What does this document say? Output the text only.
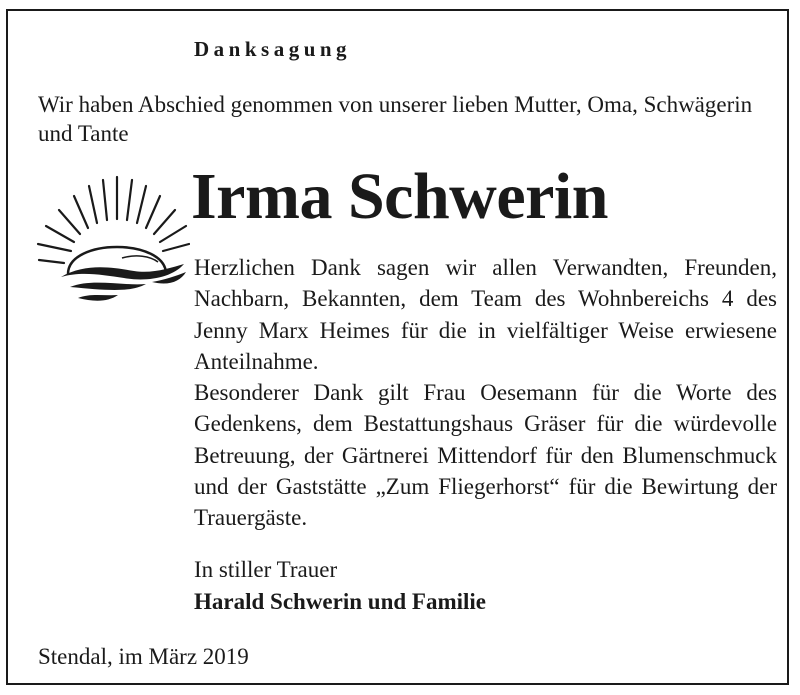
Danksagung
Wir haben Abschied genommen von unserer lieben Mutter, Oma, Schwägerin und Tante
Irma Schwerin

Herzlichen Dank sagen wir allen Verwandten, Freunden, Nachbarn, Bekannten, dem Team des Wohnbereichs 4 des Jenny Marx Heimes für die in vielfältiger Weise erwiesene Anteilnahme.

Besonderer Dank gilt Frau Oesemann für die Worte des Gedenkens, dem Bestattungshaus Gräser für die würdevolle Betreuung, der Gärtnerei Mittendorf für den Blumenschmuck und der Gaststätte „Zum Fliegerhorst“ für die Bewirtung der Trauergäste.

In stiller Trauer
Harald Schwerin und Familie
Stendal, im März 2019
